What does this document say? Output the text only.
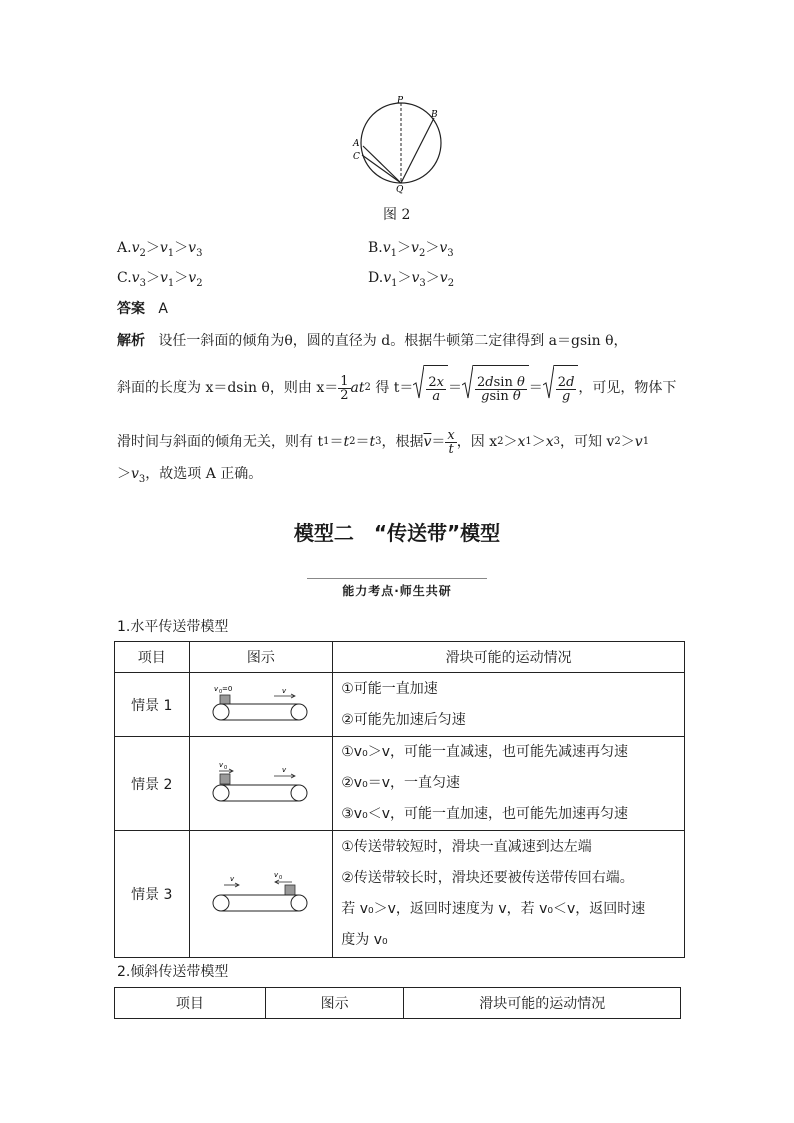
P
B
A
C
Q
图 2
$A.v_2>v_1>v_3$	$B.v_1>v_2>v_3$
$C.v_3>v_1>v_2$	$D.v_1>v_3>v_2$
答案 A
解析 设任一斜面的倾角为θ，圆的直径为 d。根据牛顿第二定律得到 a＝gsin θ，
斜面的长度为 x＝dsin θ，则由 $x= \frac{1}{2}$ at 2
得 $t= \frac{2x}{a} = \frac{\text{2dsin θ}}{\text{gsin θ}} = \frac{2d}{g}$ ，可见，物体下
滑时间与斜面的倾角无关，则有 t 1 ＝ t 2 ＝ t 3 ，根据 $\overline{v} = \frac{x}{t}$ ，因 x 2 ＞ x 1 ＞ x 3 ，可知 v 2 ＞ v 1
$>v_3$，故选项 A 正确。
模型二　“传送带”模型
能力考点·师生共研
1.水平传送带模型
项目	图示	滑块可能的运动情况
情景 1	v 0 =0 v	①可能一直加速
②可能先加速后匀速

情景 2	v 0 v	①v₀＞v，可能一直减速，也可能先减速再匀速
②v₀＝v，一直匀速
③v₀＜v，可能一直加速，也可能先加速再匀速

情景 3	v v 0	①传送带较短时，滑块一直减速到达左端
②传送带较长时，滑块还要被传送带传回右端。
若 v₀＞v，返回时速度为 v，若 v₀＜v，返回时速
度为 v₀
2.倾斜传送带模型
项目	图示	滑块可能的运动情况
